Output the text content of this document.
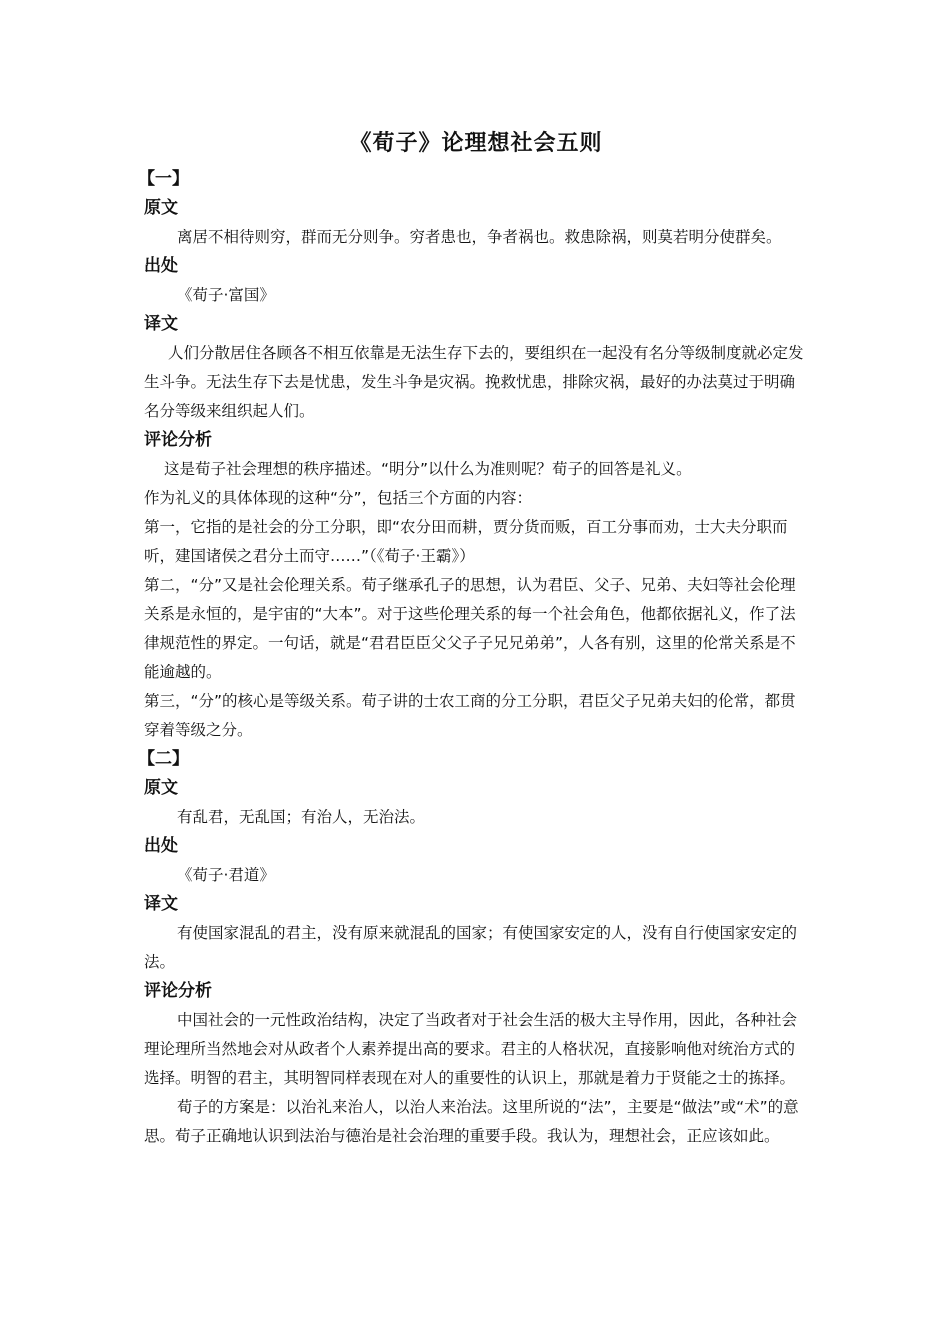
《荀子》论理想社会五则
【一】
原文
离居不相待则穷，群而无分则争。穷者患也，争者祸也。救患除祸，则莫若明分使群矣。
出处
《荀子·富国》
译文
人们分散居住各顾各不相互依靠是无法生存下去的，要组织在一起没有名分等级制度就必定发生斗争。无法生存下去是忧患，发生斗争是灾祸。挽救忧患，排除灾祸，最好的办法莫过于明确名分等级来组织起人们。
评论分析
这是荀子社会理想的秩序描述。“明分”以什么为准则呢？荀子的回答是礼义。
作为礼义的具体体现的这种“分”，包括三个方面的内容：
第一，它指的是社会的分工分职，即“农分田而耕，贾分货而贩，百工分事而劝，士大夫分职而听，建国诸侯之君分土而守……”（《荀子·王霸》）
第二，“分”又是社会伦理关系。荀子继承孔子的思想，认为君臣、父子、兄弟、夫妇等社会伦理关系是永恒的，是宇宙的“大本”。对于这些伦理关系的每一个社会角色，他都依据礼义，作了法律规范性的界定。一句话，就是“君君臣臣父父子子兄兄弟弟”，人各有别，这里的伦常关系是不能逾越的。
第三，“分”的核心是等级关系。荀子讲的士农工商的分工分职，君臣父子兄弟夫妇的伦常，都贯穿着等级之分。
【二】
原文
有乱君，无乱国；有治人，无治法。
出处
《荀子·君道》
译文
有使国家混乱的君主，没有原来就混乱的国家；有使国家安定的人，没有自行使国家安定的法。
评论分析
中国社会的一元性政治结构，决定了当政者对于社会生活的极大主导作用，因此，各种社会理论理所当然地会对从政者个人素养提出高的要求。君主的人格状况，直接影响他对统治方式的选择。明智的君主，其明智同样表现在对人的重要性的认识上，那就是着力于贤能之士的拣择。
荀子的方案是：以治礼来治人，以治人来治法。这里所说的“法”，主要是“做法”或“术”的意思。荀子正确地认识到法治与德治是社会治理的重要手段。我认为，理想社会，正应该如此。
